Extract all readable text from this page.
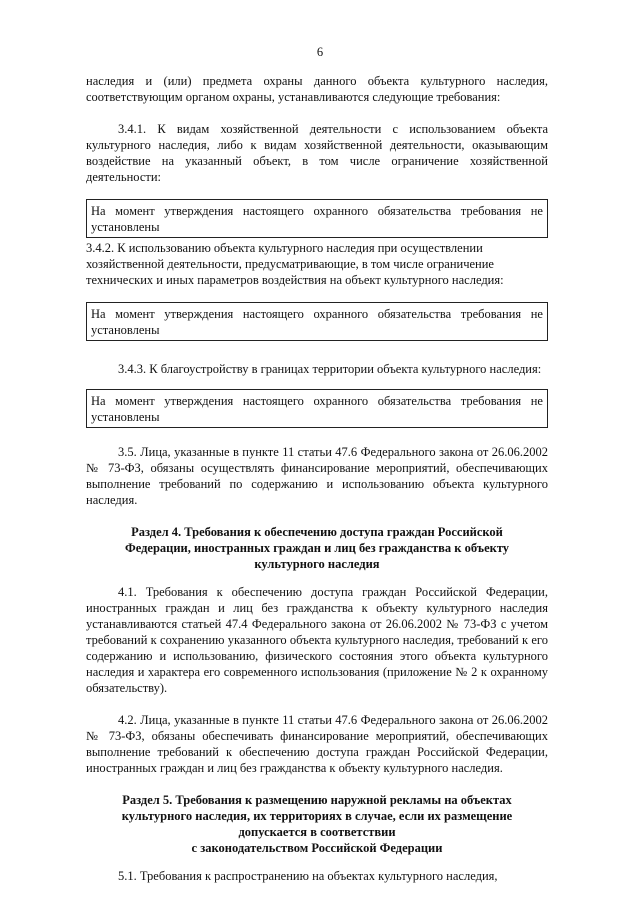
6

наследия и (или) предмета охраны данного объекта культурного наследия, соответствующим органом охраны, устанавливаются следующие требования:

3.4.1. К видам хозяйственной деятельности с использованием объекта культурного наследия, либо к видам хозяйственной деятельности, оказывающим воздействие на указанный объект, в том числе ограничение хозяйственной деятельности:

На момент утверждения настоящего охранного обязательства требования не установлены

3.4.2. К использованию объекта культурного наследия при осуществлении хозяйственной деятельности, предусматривающие, в том числе ограничение технических и иных параметров воздействия на объект культурного наследия:

На момент утверждения настоящего охранного обязательства требования не установлены

3.4.3. К благоустройству в границах территории объекта культурного наследия:

На момент утверждения настоящего охранного обязательства требования не установлены

3.5. Лица, указанные в пункте 11 статьи 47.6 Федерального закона от 26.06.2002 № 73-ФЗ, обязаны осуществлять финансирование мероприятий, обеспечивающих выполнение требований по содержанию и использованию объекта культурного наследия.

Раздел 4. Требования к обеспечению доступа граждан Российской
Федерации, иностранных граждан и лиц без гражданства к объекту
культурного наследия

4.1. Требования к обеспечению доступа граждан Российской Федерации, иностранных граждан и лиц без гражданства к объекту культурного наследия устанавливаются статьей 47.4 Федерального закона от 26.06.2002 № 73-ФЗ с учетом требований к сохранению указанного объекта культурного наследия, требований к его содержанию и использованию, физического состояния этого объекта культурного наследия и характера его современного использования (приложение № 2 к охранному обязательству).

4.2. Лица, указанные в пункте 11 статьи 47.6 Федерального закона от 26.06.2002 № 73-ФЗ, обязаны обеспечивать финансирование мероприятий, обеспечивающих выполнение требований к обеспечению доступа граждан Российской Федерации, иностранных граждан и лиц без гражданства к объекту культурного наследия.

Раздел 5. Требования к размещению наружной рекламы на объектах
культурного наследия, их территориях в случае, если их размещение
допускается в соответствии
с законодательством Российской Федерации

5.1. Требования к распространению на объектах культурного наследия,
